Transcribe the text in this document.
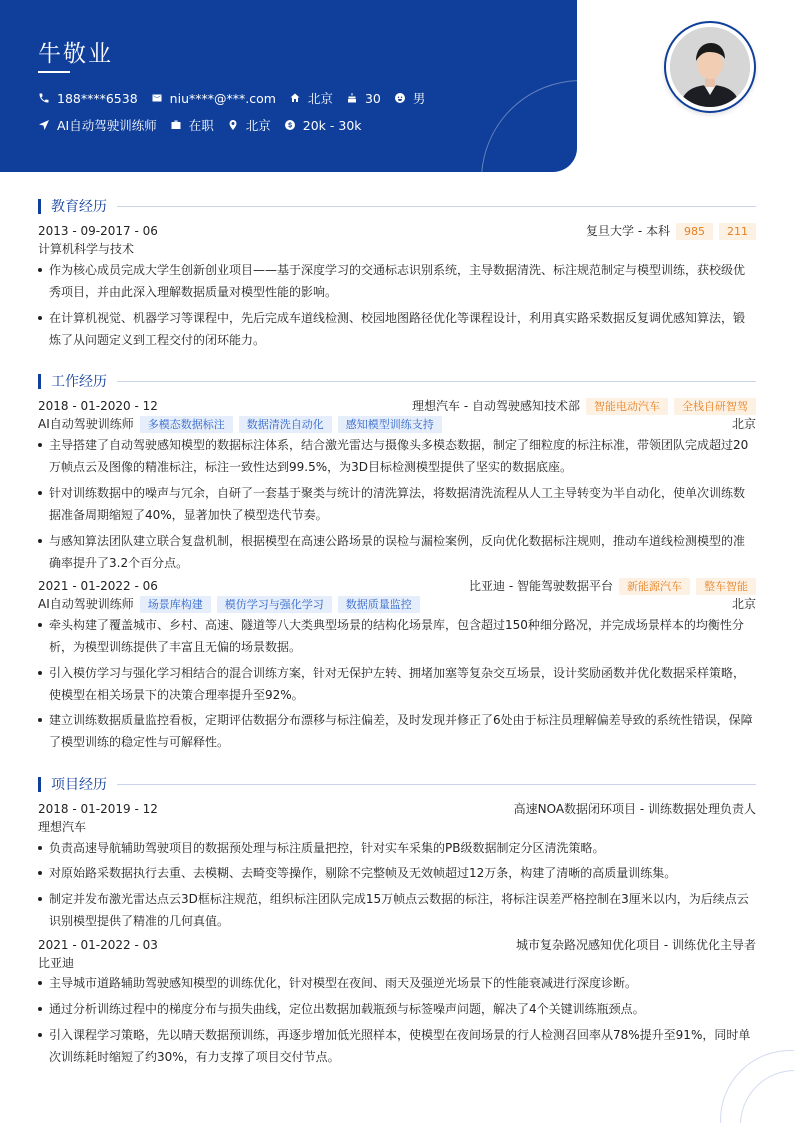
牛敬业
188****6538	niu****@***.com	北京	30	男
AI自动驾驶训练师	在职	北京	20k - 30k
教育经历
2013 - 09-2017 - 06	复旦大学 - 本科	985	211
计算机科学与技术
作为核心成员完成大学生创新创业项目——基于深度学习的交通标志识别系统，主导数据清洗、标注规范制定与模型训练，获校级优秀项目，并由此深入理解数据质量对模型性能的影响。
在计算机视觉、机器学习等课程中，先后完成车道线检测、校园地图路径优化等课程设计，利用真实路采数据反复调优感知算法，锻炼了从问题定义到工程交付的闭环能力。
工作经历
2018 - 01-2020 - 12	理想汽车 - 自动驾驶感知技术部	智能电动汽车	全栈自研智驾
AI自动驾驶训练师	多模态数据标注	数据清洗自动化	感知模型训练支持	北京
主导搭建了自动驾驶感知模型的数据标注体系，结合激光雷达与摄像头多模态数据，制定了细粒度的标注标准，带领团队完成超过20万帧点云及图像的精准标注，标注一致性达到99.5%，为3D目标检测模型提供了坚实的数据底座。
针对训练数据中的噪声与冗余，自研了一套基于聚类与统计的清洗算法，将数据清洗流程从人工主导转变为半自动化，使单次训练数据准备周期缩短了40%，显著加快了模型迭代节奏。
与感知算法团队建立联合复盘机制，根据模型在高速公路场景的误检与漏检案例，反向优化数据标注规则，推动车道线检测模型的准确率提升了3.2个百分点。
2021 - 01-2022 - 06	比亚迪 - 智能驾驶数据平台	新能源汽车	整车智能
AI自动驾驶训练师	场景库构建	模仿学习与强化学习	数据质量监控	北京
牵头构建了覆盖城市、乡村、高速、隧道等八大类典型场景的结构化场景库，包含超过150种细分路况，并完成场景样本的均衡性分析，为模型训练提供了丰富且无偏的场景数据。
引入模仿学习与强化学习相结合的混合训练方案，针对无保护左转、拥堵加塞等复杂交互场景，设计奖励函数并优化数据采样策略，使模型在相关场景下的决策合理率提升至92%。
建立训练数据质量监控看板，定期评估数据分布漂移与标注偏差，及时发现并修正了6处由于标注员理解偏差导致的系统性错误，保障了模型训练的稳定性与可解释性。
项目经历
2018 - 01-2019 - 12	高速NOA数据闭环项目 - 训练数据处理负责人
理想汽车
负责高速导航辅助驾驶项目的数据预处理与标注质量把控，针对实车采集的PB级数据制定分区清洗策略。
对原始路采数据执行去重、去模糊、去畸变等操作，剔除不完整帧及无效帧超过12万条，构建了清晰的高质量训练集。
制定并发布激光雷达点云3D框标注规范，组织标注团队完成15万帧点云数据的标注，将标注误差严格控制在3厘米以内，为后续点云识别模型提供了精准的几何真值。
2021 - 01-2022 - 03	城市复杂路况感知优化项目 - 训练优化主导者
比亚迪
主导城市道路辅助驾驶感知模型的训练优化，针对模型在夜间、雨天及强逆光场景下的性能衰减进行深度诊断。
通过分析训练过程中的梯度分布与损失曲线，定位出数据加载瓶颈与标签噪声问题，解决了4个关键训练瓶颈点。
引入课程学习策略，先以晴天数据预训练，再逐步增加低光照样本，使模型在夜间场景的行人检测召回率从78%提升至91%，同时单次训练耗时缩短了约30%，有力支撑了项目交付节点。
